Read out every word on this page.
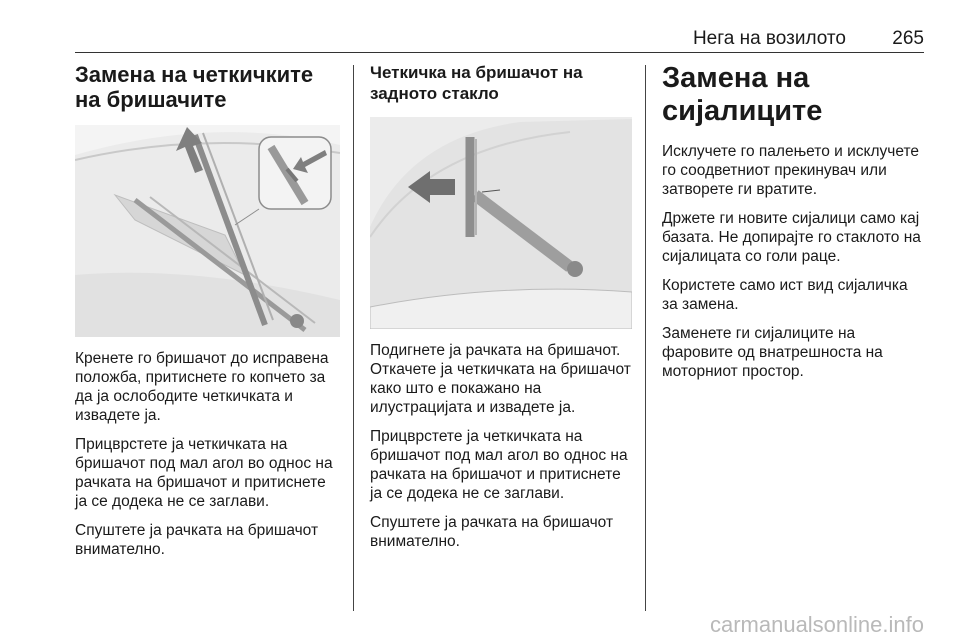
Нега на возилото 265
Замена на четкичките на бришачите

Кренете го бришачот до исправена положба, притиснете го копчето за да ја ослободите четкичката и извадете ја.

Прицврстете ја четкичката на бришачот под мал агол во однос на рачката на бришачот и притиснете ја се додека не се заглави.

Спуштете ја рачката на бришачот внимателно.

Четкичка на бришачот на задното стакло

Подигнете ја рачката на бришачот. Откачете ја четкичката на бришачот како што е покажано на илустрацијата и извадете ја.

Прицврстете ја четкичката на бришачот под мал агол во однос на рачката на бришачот и притиснете ја се додека не се заглави.

Спуштете ја рачката на бришачот внимателно.

Замена на сијалиците

Исклучете го палењето и исклучете го соодветниот прекинувач или затворете ги вратите.

Држете ги новите сијалици само кај базата. Не допирајте го стаклото на сијалицата со голи раце.

Користете само ист вид сијаличка за замена.

Заменете ги сијалиците на фаровите од внатрешноста на моторниот простор.

carmanualsonline.info
